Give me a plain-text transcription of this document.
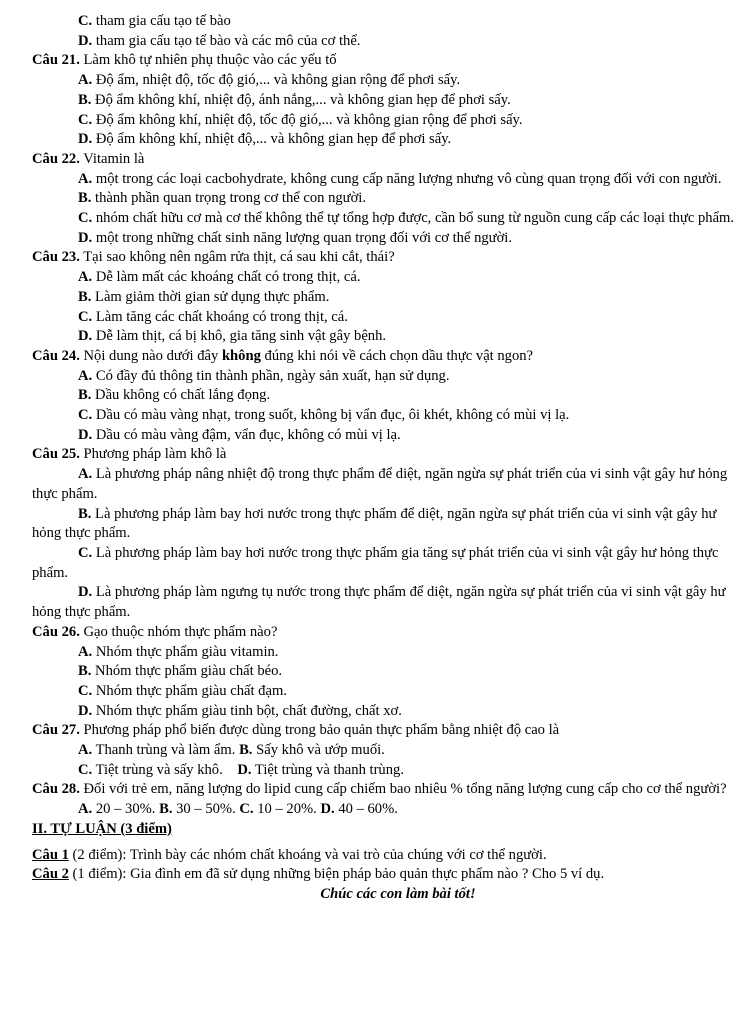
C. tham gia cấu tạo tế bào
D. tham gia cấu tạo tế bào và các mô của cơ thể.
Câu 21. Làm khô tự nhiên phụ thuộc vào các yếu tố
A. Độ ẩm, nhiệt độ, tốc độ gió,... và không gian rộng để phơi sấy.
B. Độ ẩm không khí, nhiệt độ, ánh nắng,... và không gian hẹp để phơi sấy.
C. Độ ẩm không khí, nhiệt độ, tốc độ gió,... và không gian rộng để phơi sấy.
D. Độ ẩm không khí, nhiệt độ,... và không gian hẹp để phơi sấy.
Câu 22. Vitamin là
A. một trong các loại cacbohydrate, không cung cấp năng lượng nhưng vô cùng quan trọng đối với con người.
B. thành phần quan trọng trong cơ thể con người.
C. nhóm chất hữu cơ mà cơ thể không thể tự tổng hợp được, cần bổ sung từ nguồn cung cấp các loại thực phẩm.
D. một trong những chất sinh năng lượng quan trọng đối với cơ thể người.
Câu 23. Tại sao không nên ngâm rửa thịt, cá sau khi cắt, thái?
A. Dễ làm mất các khoáng chất có trong thịt, cá.
B. Làm giảm thời gian sử dụng thực phẩm.
C. Làm tăng các chất khoáng có trong thịt, cá.
D. Dễ làm thịt, cá bị khô, gia tăng sinh vật gây bệnh.
Câu 24. Nội dung nào dưới đây không đúng khi nói về cách chọn dầu thực vật ngon?
A. Có đầy đủ thông tin thành phần, ngày sản xuất, hạn sử dụng.
B. Dầu không có chất lắng đọng.
C. Dầu có màu vàng nhạt, trong suốt, không bị vẩn đục, ôi khét, không có mùi vị lạ.
D. Dầu có màu vàng đậm, vẩn đục, không có mùi vị lạ.
Câu 25. Phương pháp làm khô là
A. Là phương pháp nâng nhiệt độ trong thực phẩm để diệt, ngăn ngừa sự phát triển của vi sinh vật gây hư hỏng thực phẩm.
B. Là phương pháp làm bay hơi nước trong thực phẩm để diệt, ngăn ngừa sự phát triển của vi sinh vật gây hư hỏng thực phẩm.
C. Là phương pháp làm bay hơi nước trong thực phẩm gia tăng sự phát triển của vi sinh vật gây hư hỏng thực phẩm.
D. Là phương pháp làm ngưng tụ nước trong thực phẩm để diệt, ngăn ngừa sự phát triển của vi sinh vật gây hư hỏng thực phẩm.
Câu 26. Gạo thuộc nhóm thực phẩm nào?
A. Nhóm thực phẩm giàu vitamin.
B. Nhóm thực phẩm giàu chất béo.
C. Nhóm thực phẩm giàu chất đạm.
D. Nhóm thực phẩm giàu tinh bột, chất đường, chất xơ.
Câu 27. Phương pháp phổ biến được dùng trong bảo quản thực phẩm bằng nhiệt độ cao là
A. Thanh trùng và làm ẩm. B. Sấy khô và ướp muối.
C. Tiệt trùng và sấy khô.    D. Tiệt trùng và thanh trùng.
Câu 28. Đối với trẻ em, năng lượng do lipid cung cấp chiếm bao nhiêu % tổng năng lượng cung cấp cho cơ thể người?
A. 20 – 30%. B. 30 – 50%. C. 10 – 20%. D. 40 – 60%.
II. TỰ LUẬN (3 điểm)
Câu 1 (2 điểm): Trình bày các nhóm chất khoáng và vai trò của chúng với cơ thể người.
Câu 2 (1 điểm): Gia đình em đã sử dụng những biện pháp bảo quản thực phẩm nào ? Cho 5 ví dụ.
Chúc các con làm bài tốt!
